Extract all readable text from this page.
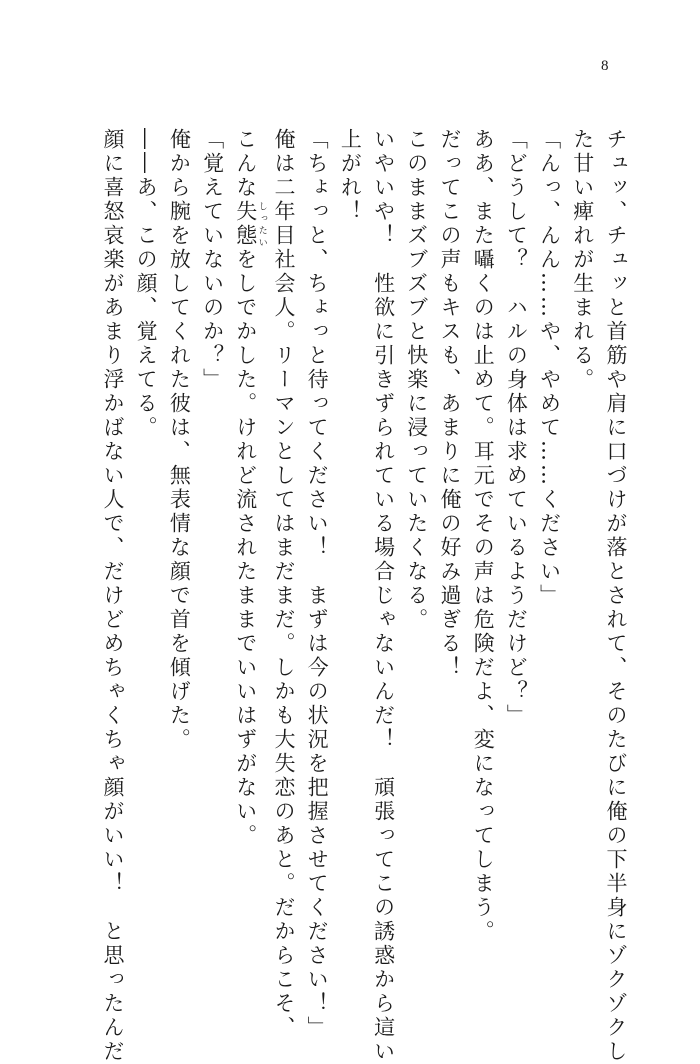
8

チュッ、チュッと首筋や肩に口づけが落とされて、そのたびに俺の下半身にゾクゾクし

た甘い痺れが生まれる。

「んっ、んん……や、やめて……ください」

「どうして？　ハルの身体は求めているようだけど？」

ああ、また囁くのは止めて。耳元でその声は危険だよ、変になってしまう。

だってこの声もキスも、あまりに俺の好み過ぎる！

このままズブズブと快楽に浸っていたくなる。

いやいや！　性欲に引きずられている場合じゃないんだ！　頑張ってこの誘惑から這い

上がれ！

「ちょっと、ちょっと待ってください！　まずは今の状況を把握させてください！」

俺は二年目社会人。リーマンとしてはまだまだ。しかも大失恋のあと。だからこそ、

こんな失態 しったいをしでかした。けれど流されたままでいいはずがない。

「覚えていないのか？」

俺から腕を放してくれた彼は、無表情な顔で首を傾げた。

――あ、この顔、覚えてる。

顔に喜怒哀楽があまり浮かばない人で、だけどめちゃくちゃ顔がいい！　と思ったんだ
